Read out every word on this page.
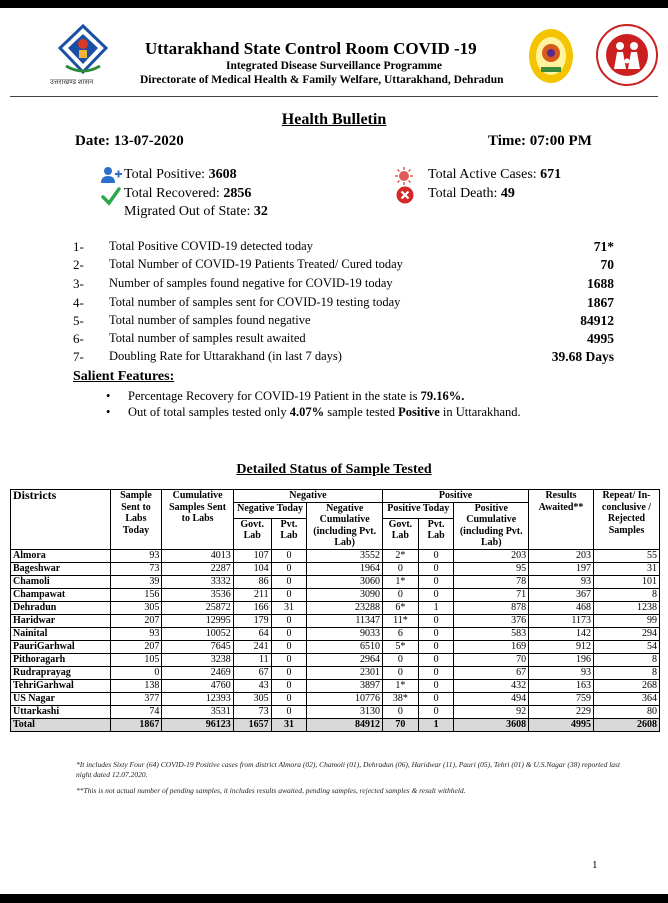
उत्तराखण्ड शासन
Uttarakhand State Control Room COVID -19
Integrated Disease Surveillance Programme
Directorate of Medical Health & Family Welfare, Uttarakhand, Dehradun
Health Bulletin
Date: 13-07-2020	Time: 07:00 PM
Total Positive: 3608
Total Recovered: 2856
Migrated Out of State: 32
Total Active Cases: 671
Total Death: 49
1- Total Positive COVID-19 detected today	71*
2- Total Number of COVID-19 Patients Treated/ Cured today	70
3- Number of samples found negative for COVID-19 today	1688
4- Total number of samples sent for COVID-19 testing today	1867
5- Total number of samples found negative	84912
6- Total number of samples result awaited	4995
7- Doubling Rate for Uttarakhand (in last 7 days)	39.68 Days
Salient Features:
• Percentage Recovery for COVID-19 Patient in the state is 79.16%.
• Out of total samples tested only 4.07% sample tested Positive in Uttarakhand.
Detailed Status of Sample Tested
Districts	Sample Sent to Labs Today	Cumulative Samples Sent to Labs	Negative			Positive			Results Awaited**	Repeat/ In-conclusive / Rejected Samples
			Negative Today		Negative Cumulative (including Pvt. Lab)	Positive Today		Positive Cumulative (including Pvt. Lab)		
			Govt. Lab	Pvt. Lab		Govt. Lab	Pvt. Lab			
Almora	93	4013	107	0	3552	2*	0	203	203	55
Bageshwar	73	2287	104	0	1964	0	0	95	197	31
Chamoli	39	3332	86	0	3060	1*	0	78	93	101
Champawat	156	3536	211	0	3090	0	0	71	367	8
Dehradun	305	25872	166	31	23288	6*	1	878	468	1238
Haridwar	207	12995	179	0	11347	11*	0	376	1173	99
Nainital	93	10052	64	0	9033	6	0	583	142	294
PauriGarhwal	207	7645	241	0	6510	5*	0	169	912	54
Pithoragarh	105	3238	11	0	2964	0	0	70	196	8
Rudraprayag	0	2469	67	0	2301	0	0	67	93	8
TehriGarhwal	138	4760	43	0	3897	1*	0	432	163	268
US Nagar	377	12393	305	0	10776	38*	0	494	759	364
Uttarkashi	74	3531	73	0	3130	0	0	92	229	80
Total	1867	96123	1657	31	84912	70	1	3608	4995	2608
*It includes Sixty Four (64) COVID-19 Positive cases from district Almora (02), Chamoli (01), Dehradun (06), Haridwar (11), Pauri (05), Tehri (01) & U.S.Nagar (38) reported last night dated 12.07.2020.
**This is not actual number of pending samples, it includes results awaited, pending samples, rejected samples & result withheld.
1
